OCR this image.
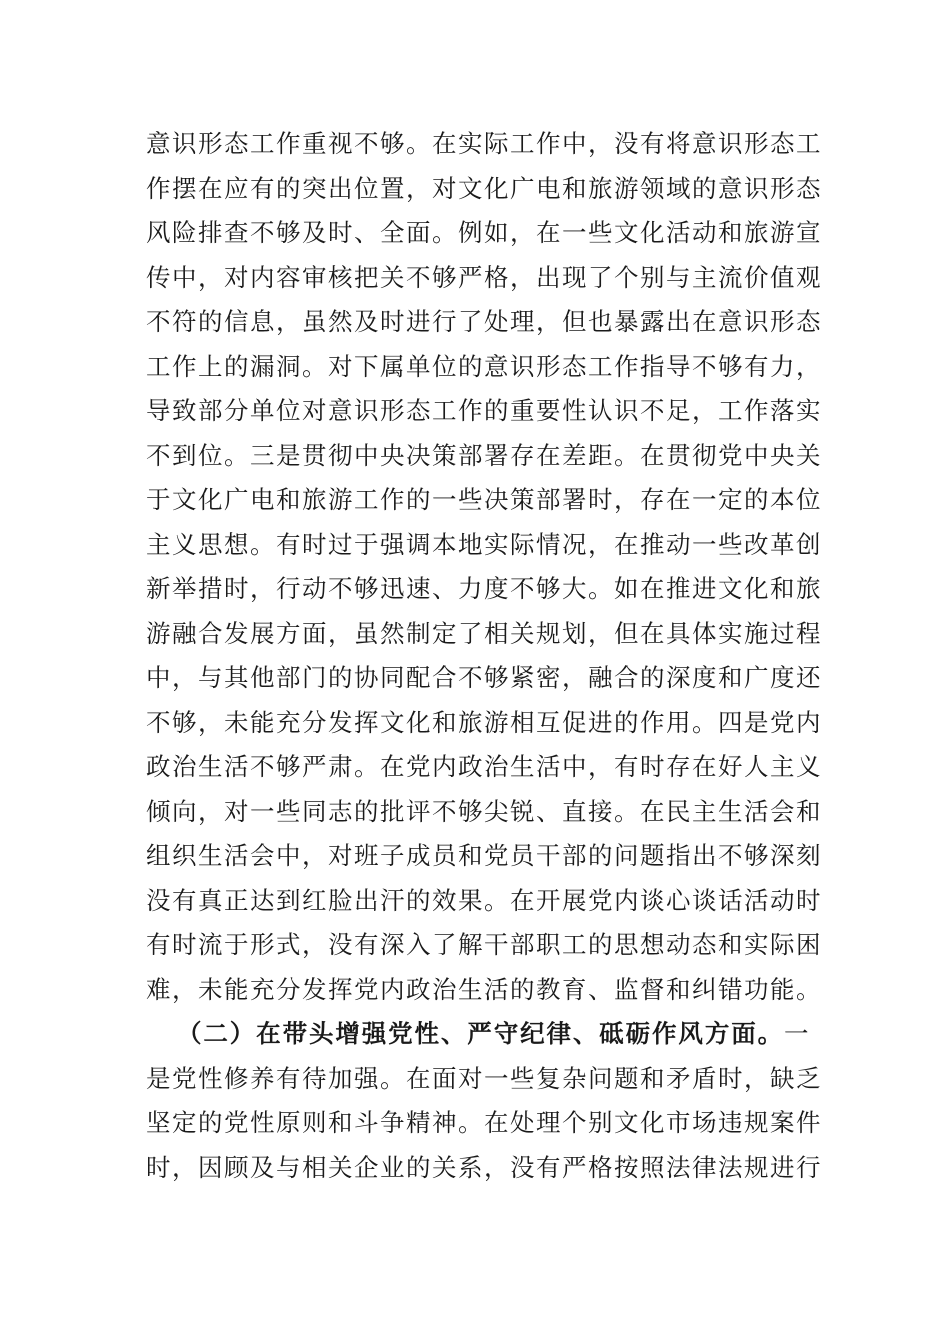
意识形态工作重视不够。在实际工作中，没有将意识形态工
作摆在应有的突出位置，对文化广电和旅游领域的意识形态
风险排查不够及时、全面。例如，在一些文化活动和旅游宣
传中，对内容审核把关不够严格，出现了个别与主流价值观
不符的信息，虽然及时进行了处理，但也暴露出在意识形态
工作上的漏洞。对下属单位的意识形态工作指导不够有力，
导致部分单位对意识形态工作的重要性认识不足，工作落实
不到位。三是贯彻中央决策部署存在差距。在贯彻党中央关
于文化广电和旅游工作的一些决策部署时，存在一定的本位
主义思想。有时过于强调本地实际情况，在推动一些改革创
新举措时，行动不够迅速、力度不够大。如在推进文化和旅
游融合发展方面，虽然制定了相关规划，但在具体实施过程
中，与其他部门的协同配合不够紧密，融合的深度和广度还
不够，未能充分发挥文化和旅游相互促进的作用。四是党内
政治生活不够严肃。在党内政治生活中，有时存在好人主义
倾向，对一些同志的批评不够尖锐、直接。在民主生活会和
组织生活会中，对班子成员和党员干部的问题指出不够深刻
没有真正达到红脸出汗的效果。在开展党内谈心谈话活动时
有时流于形式，没有深入了解干部职工的思想动态和实际困
难，未能充分发挥党内政治生活的教育、监督和纠错功能。
（二）在带头增强党性、严守纪律、砥砺作风方面。一
是党性修养有待加强。在面对一些复杂问题和矛盾时，缺乏
坚定的党性原则和斗争精神。在处理个别文化市场违规案件
时，因顾及与相关企业的关系，没有严格按照法律法规进行
